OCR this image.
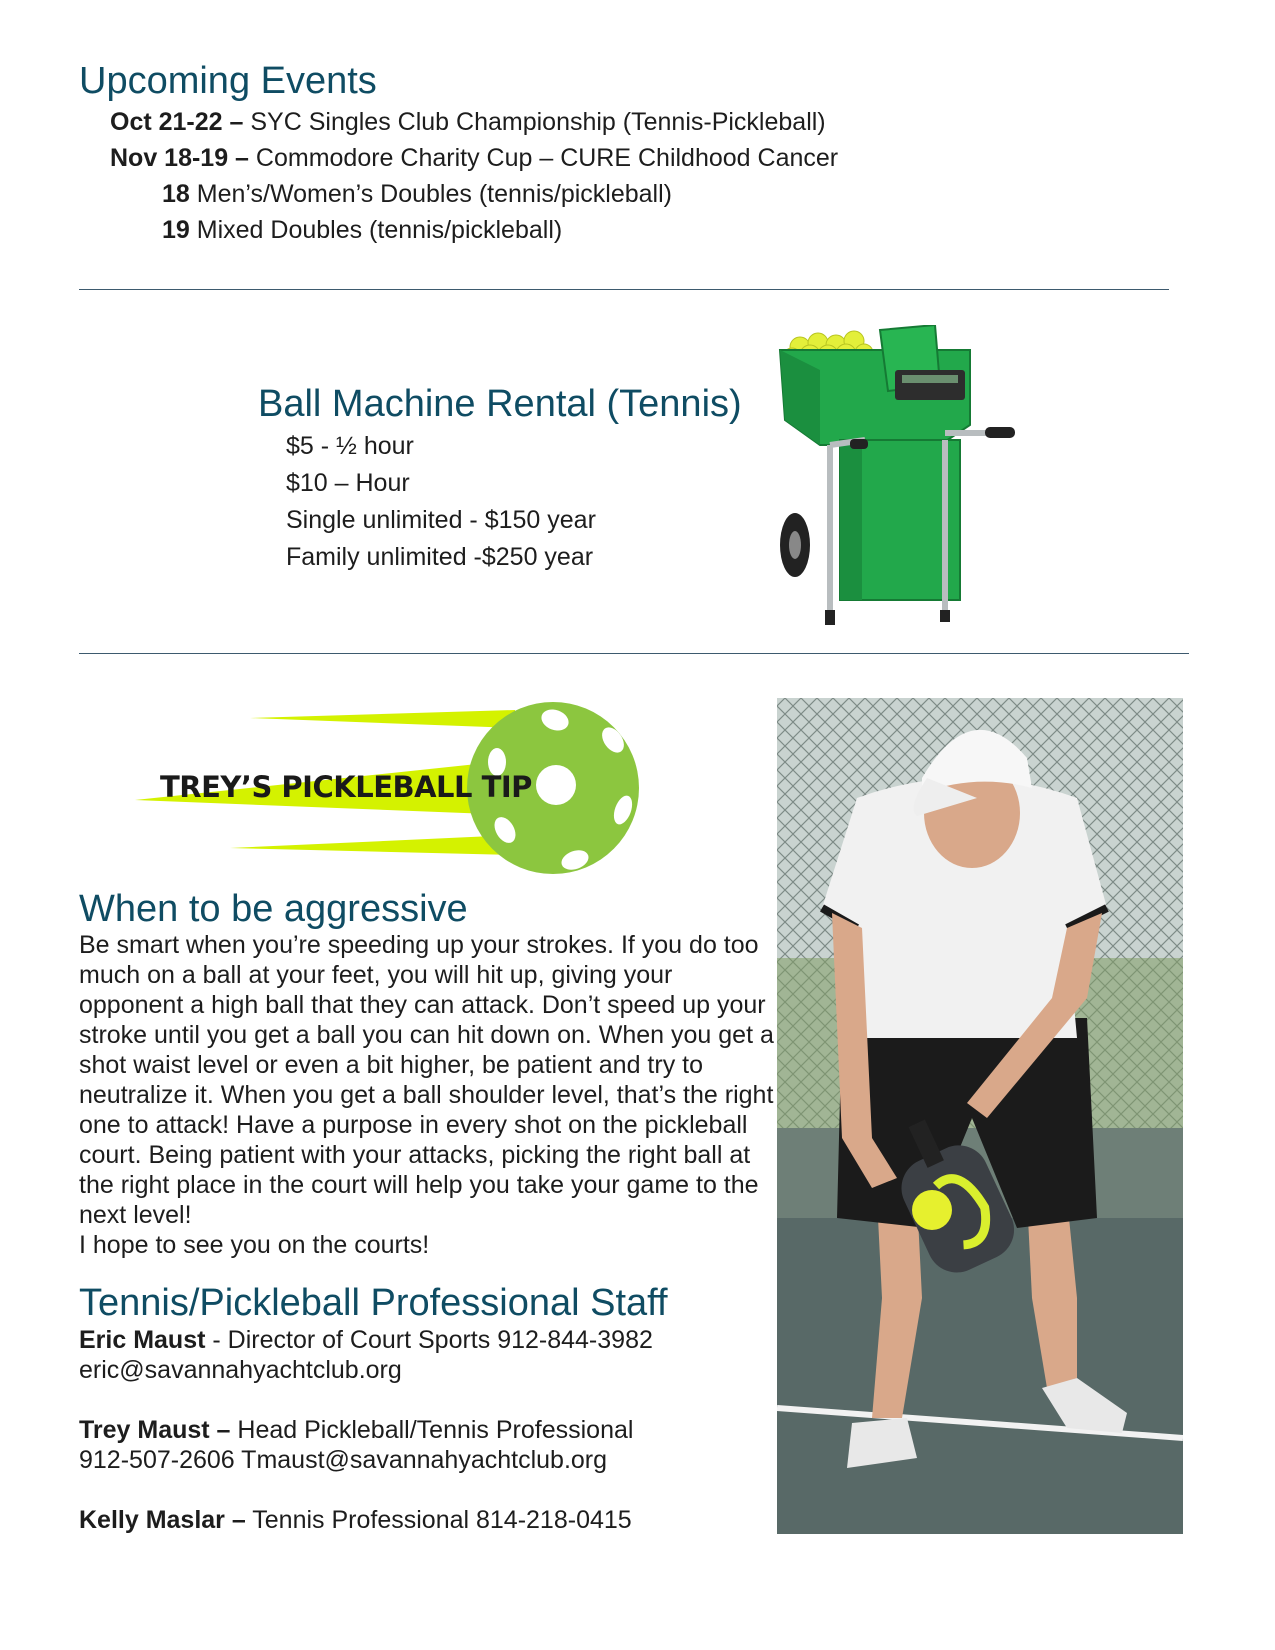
Upcoming Events
Oct 21-22 – SYC Singles Club Championship (Tennis-Pickleball)
Nov 18-19 – Commodore Charity Cup – CURE Childhood Cancer
18 Men’s/Women’s Doubles (tennis/pickleball)
19 Mixed Doubles (tennis/pickleball)
Ball Machine Rental (Tennis)
$5 - ½ hour
$10 – Hour
Single unlimited - $150 year
Family unlimited -$250 year
TREY’S PICKLEBALL TIP
When to be aggressive
Be smart when you’re speeding up your strokes. If you do too much on a ball at your feet, you will hit up, giving your opponent a high ball that they can attack. Don’t speed up your stroke until you get a ball you can hit down on. When you get a shot waist level or even a bit higher, be patient and try to neutralize it. When you get a ball shoulder level, that’s the right one to attack! Have a purpose in every shot on the pickleball court. Being patient with your attacks, picking the right ball at the right place in the court will help you take your game to the next level!
I hope to see you on the courts!
Tennis/Pickleball Professional Staff
Eric Maust - Director of Court Sports 912-844-3982
eric@savannahyachtclub.org
Trey Maust – Head Pickleball/Tennis Professional
912-507-2606 Tmaust@savannahyachtclub.org
Kelly Maslar – Tennis Professional 814-218-0415
